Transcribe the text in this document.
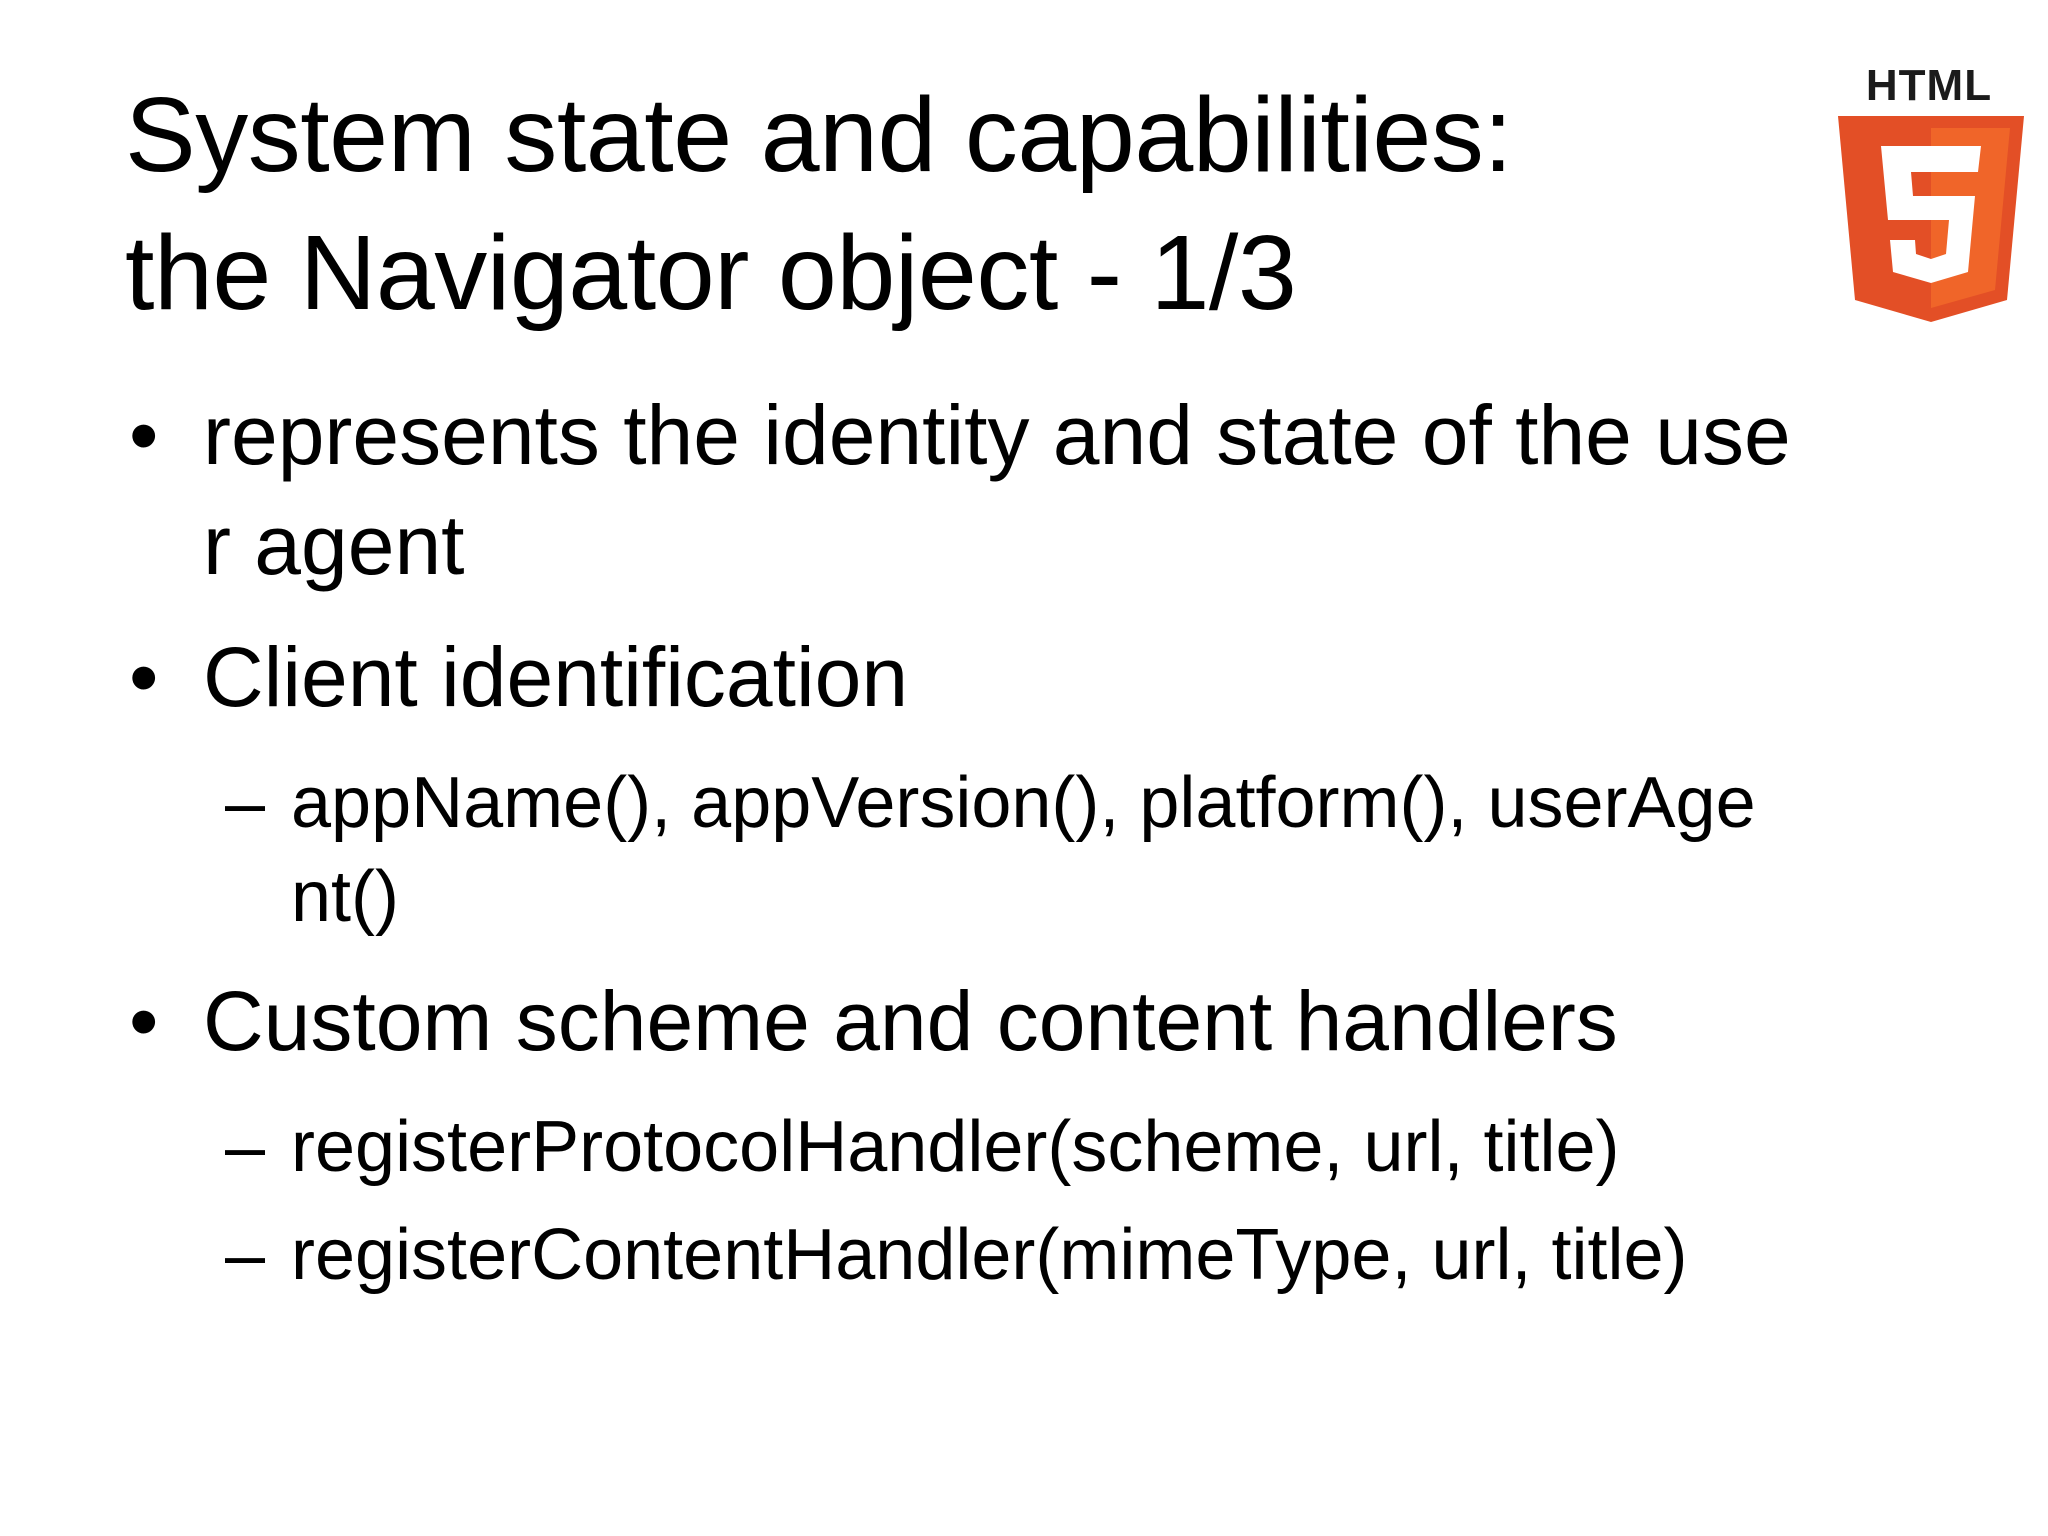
System state and capabilities:
the Navigator object - 1/3
HTML
• represents the identity and state of the use
r agent
• Client identification
– appName(), appVersion(), platform(), userAge
nt()
• Custom scheme and content handlers
– registerProtocolHandler(scheme, url, title)
– registerContentHandler(mimeType, url, title)
